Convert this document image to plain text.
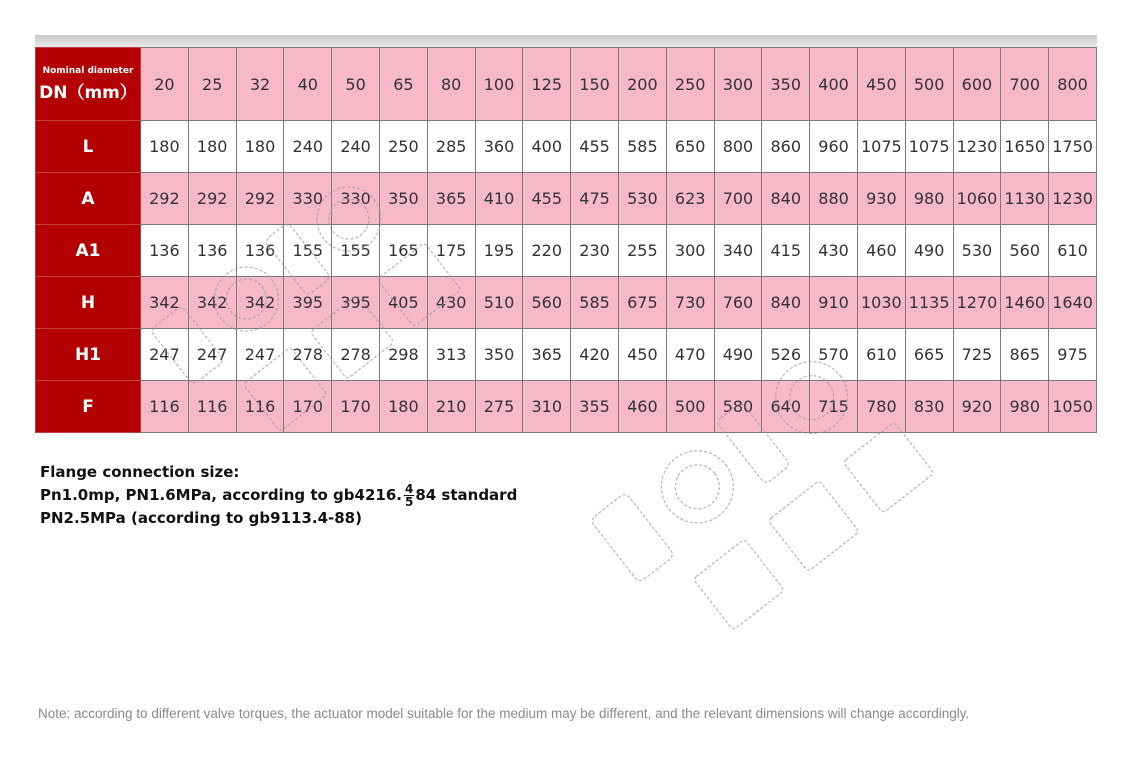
Nominal diameter
DN（mm）	20	25	32	40	50	65	80	100	125	150	200	250	300	350	400	450	500	600	700	800
L	180	180	180	240	240	250	285	360	400	455	585	650	800	860	960	1075	1075	1230	1650	1750
A	292	292	292	330	330	350	365	410	455	475	530	623	700	840	880	930	980	1060	1130	1230
A1	136	136	136	155	155	165	175	195	220	230	255	300	340	415	430	460	490	530	560	610
H	342	342	342	395	395	405	430	510	560	585	675	730	760	840	910	1030	1135	1270	1460	1640
H1	247	247	247	278	278	298	313	350	365	420	450	470	490	526	570	610	665	725	865	975
F	116	116	116	170	170	180	210	275	310	355	460	500	580	640	715	780	830	920	980	1050
Flange connection size:
Pn1.0mp, PN1.6MPa, according to gb4216. $\frac{4}{5} 84$ standard
PN2.5MPa (according to gb9113.4-88)
Note: according to different valve torques, the actuator model suitable for the medium may be different, and the relevant dimensions will change accordingly.
